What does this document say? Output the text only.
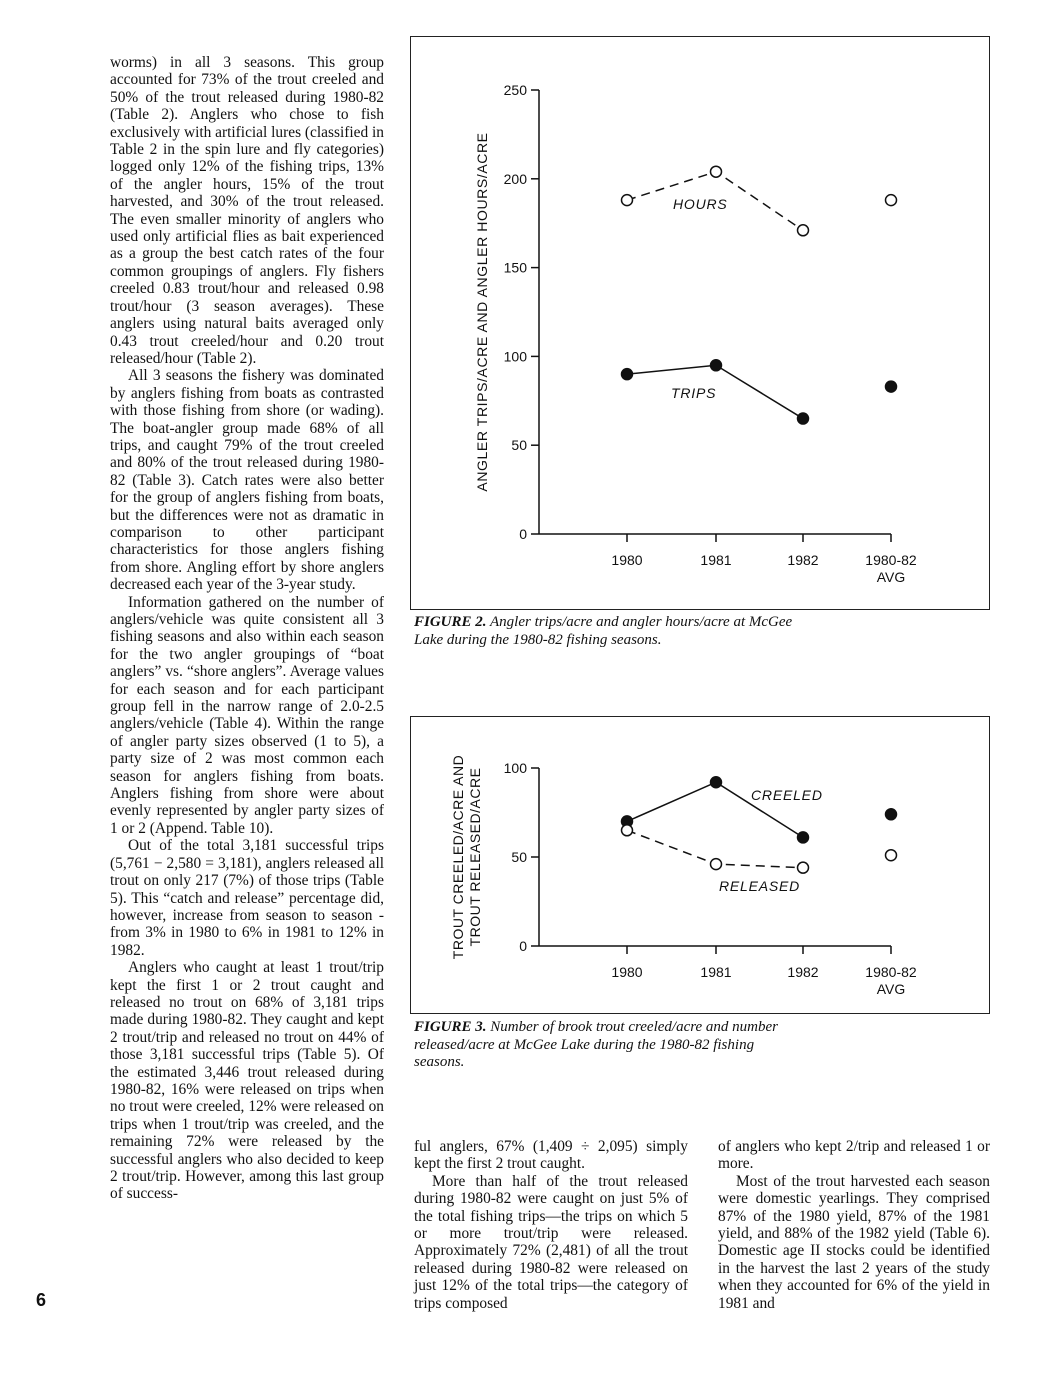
worms) in all 3 seasons. This group accounted for 73% of the trout creeled and 50% of the trout released during 1980-82 (Table 2). Anglers who chose to fish exclusively with artificial lures (classified in Table 2 in the spin lure and fly categories) logged only 12% of the fishing trips, 13% of the angler hours, 15% of the trout harvested, and 30% of the trout released. The even smaller minority of anglers who used only artificial flies as bait experienced as a group the best catch rates of the four common groupings of anglers. Fly fishers creeled 0.83 trout/hour and released 0.98 trout/hour (3 season averages). These anglers using natural baits averaged only 0.43 trout creeled/hour and 0.20 trout released/hour (Table 2).

All 3 seasons the fishery was dominated by anglers fishing from boats as contrasted with those fishing from shore (or wading). The boat-angler group made 68% of all trips, and caught 79% of the trout creeled and 80% of the trout released during 1980-82 (Table 3). Catch rates were also better for the group of anglers fishing from boats, but the differences were not as dramatic in comparison to other participant characteristics for those anglers fishing from shore. Angling effort by shore anglers decreased each year of the 3-year study.

Information gathered on the number of anglers/vehicle was quite consistent all 3 fishing seasons and also within each season for the two angler groupings of “boat anglers” vs. “shore anglers”. Average values for each season and for each participant group fell in the narrow range of 2.0-2.5 anglers/vehicle (Table 4). Within the range of angler party sizes observed (1 to 5), a party size of 2 was most common each season for anglers fishing from boats. Anglers fishing from shore were about evenly represented by angler party sizes of 1 or 2 (Append. Table 10).

Out of the total 3,181 successful trips (5,761 − 2,580 = 3,181), anglers released all trout on only 217 (7%) of those trips (Table 5). This “catch and release” percentage did, however, increase from season to season - from 3% in 1980 to 6% in 1981 to 12% in 1982.

Anglers who caught at least 1 trout/trip kept the first 1 or 2 trout caught and released no trout on 68% of 3,181 trips made during 1980-82. They caught and kept 2 trout/trip and released no trout on 44% of those 3,181 successful trips (Table 5). Of the estimated 3,446 trout released during 1980-82, 16% were released on trips when no trout were creeled, 12% were released on trips when 1 trout/trip was creeled, and the remaining 72% were released by the successful anglers who also decided to keep 2 trout/trip. However, among this last group of success-

6
0
50
100
150
200
250
1980	1981	1982	1980-82
AVG
ANGLER TRIPS/ACRE AND ANGLER HOURS/ACRE	HOURS
TRIPS
FIGURE 2. Angler trips/acre and angler hours/acre at McGee Lake during the 1980-82 fishing seasons.
0
50
100
1980	1981	1982	1980-82
AVG
TROUT CREELED/ACRE AND TROUT RELEASED/ACRE	CREELED
RELEASED
FIGURE 3. Number of brook trout creeled/acre and number released/acre at McGee Lake during the 1980-82 fishing seasons.

ful anglers, 67% (1,409 ÷ 2,095) simply kept the first 2 trout caught.

More than half of the trout released during 1980-82 were caught on just 5% of the total fishing trips—the trips on which 5 or more trout/trip were released. Approximately 72% (2,481) of all the trout released during 1980-82 were released on just 12% of the total trips—the category of trips composed

of anglers who kept 2/trip and released 1 or more.

Most of the trout harvested each season were domestic yearlings. They comprised 87% of the 1980 yield, 87% of the 1981 yield, and 88% of the 1982 yield (Table 6). Domestic age II stocks could be identified in the harvest the last 2 years of the study when they accounted for 6% of the yield in 1981 and
